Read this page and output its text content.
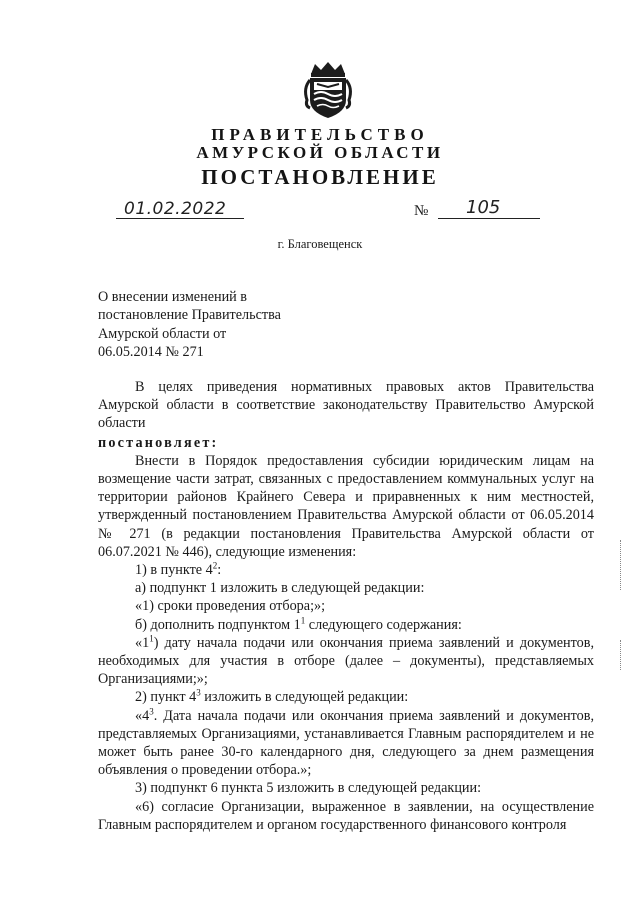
ПРАВИТЕЛЬСТВО
АМУРСКОЙ ОБЛАСТИ
ПОСТАНОВЛЕНИЕ
01.02.2022	№ 105
г. Благовещенск
О внесении изменений в
постановление Правительства
Амурской области от
06.05.2014 № 271

В целях приведения нормативных правовых актов Правительства Амурской области в соответствие законодательству Правительство Амурской области

постановляет:

Внести в Порядок предоставления субсидии юридическим лицам на возмещение части затрат, связанных с предоставлением коммунальных услуг на территории районов Крайнего Севера и приравненных к ним местностей, утвержденный постановлением Правительства Амурской области от 06.05.2014 № 271 (в редакции постановления Правительства Амурской области от 06.07.2021 № 446), следующие изменения:

1) в пункте $4^2$:

а) подпункт 1 изложить в следующей редакции:

«1) сроки проведения отбора;»;

б) дополнить подпунктом $1^1$ следующего содержания:

«$1^1$) дату начала подачи или окончания приема заявлений и документов, необходимых для участия в отборе (далее – документы), представляемых Организациями;»;

2) пункт $4^3$ изложить в следующей редакции:

«$4^3$. Дата начала подачи или окончания приема заявлений и документов, представляемых Организациями, устанавливается Главным распорядителем и не может быть ранее 30-го календарного дня, следующего за днем размещения объявления о проведении отбора.»;

3) подпункт 6 пункта 5 изложить в следующей редакции:

«6) согласие Организации, выраженное в заявлении, на осуществление Главным распорядителем и органом государственного финансового контроля
